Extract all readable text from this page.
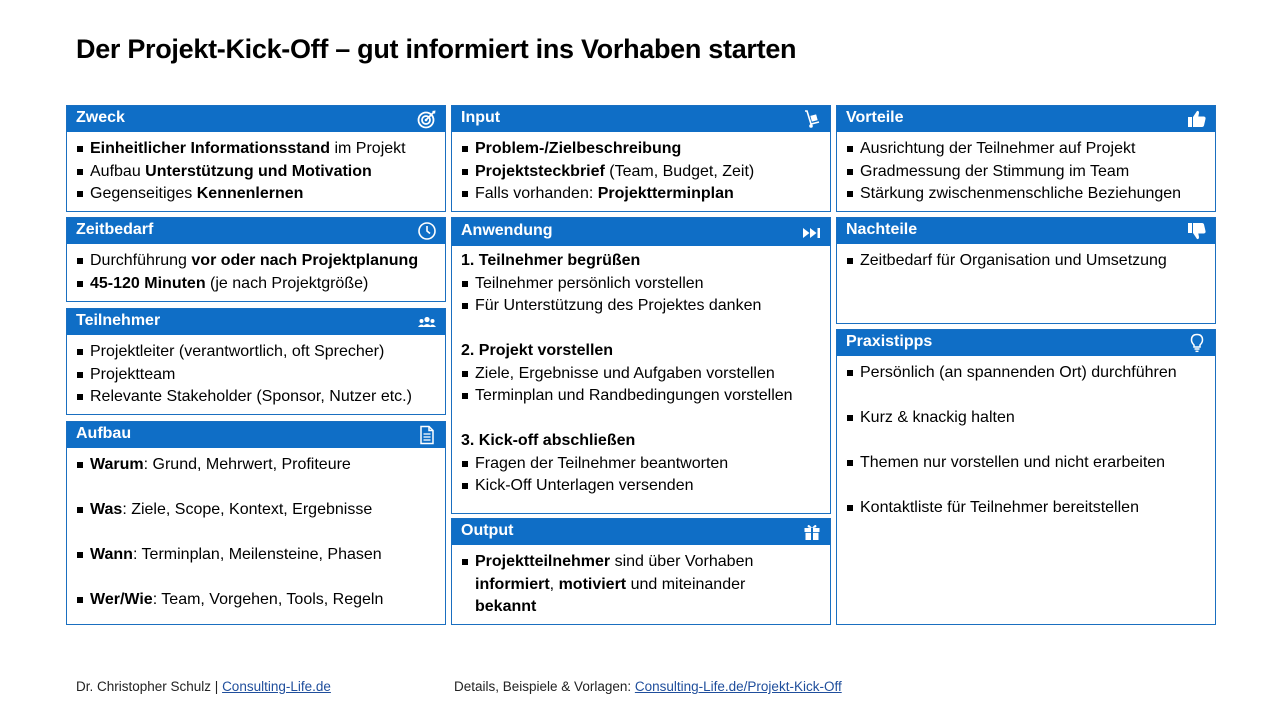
Der Projekt-Kick-Off – gut informiert ins Vorhaben starten
Zweck
Einheitlicher Informationsstand im Projekt
Aufbau Unterstützung und Motivation
Gegenseitiges Kennenlernen
Zeitbedarf
Durchführung vor oder nach Projektplanung
45-120 Minuten (je nach Projektgröße)
Teilnehmer
Projektleiter (verantwortlich, oft Sprecher)
Projektteam
Relevante Stakeholder (Sponsor, Nutzer etc.)
Aufbau
Warum: Grund, Mehrwert, Profiteure
Was: Ziele, Scope, Kontext, Ergebnisse
Wann: Terminplan, Meilensteine, Phasen
Wer/Wie: Team, Vorgehen, Tools, Regeln
Input
Problem-/Zielbeschreibung
Projektsteckbrief (Team, Budget, Zeit)
Falls vorhanden: Projektterminplan
Anwendung
1. Teilnehmer begrüßen
Teilnehmer persönlich vorstellen
Für Unterstützung des Projektes danken
2. Projekt vorstellen
Ziele, Ergebnisse und Aufgaben vorstellen
Terminplan und Randbedingungen vorstellen
3. Kick-off abschließen
Fragen der Teilnehmer beantworten
Kick-Off Unterlagen versenden
Output
Projektteilnehmer sind über Vorhaben
informiert, motiviert und miteinander
bekannt
Vorteile
Ausrichtung der Teilnehmer auf Projekt
Gradmessung der Stimmung im Team
Stärkung zwischenmenschliche Beziehungen
Nachteile
Zeitbedarf für Organisation und Umsetzung
Praxistipps
Persönlich (an spannenden Ort) durchführen
Kurz & knackig halten
Themen nur vorstellen und nicht erarbeiten
Kontaktliste für Teilnehmer bereitstellen
Dr. Christopher Schulz | Consulting-Life.de	Details, Beispiele & Vorlagen: Consulting-Life.de/Projekt-Kick-Off
